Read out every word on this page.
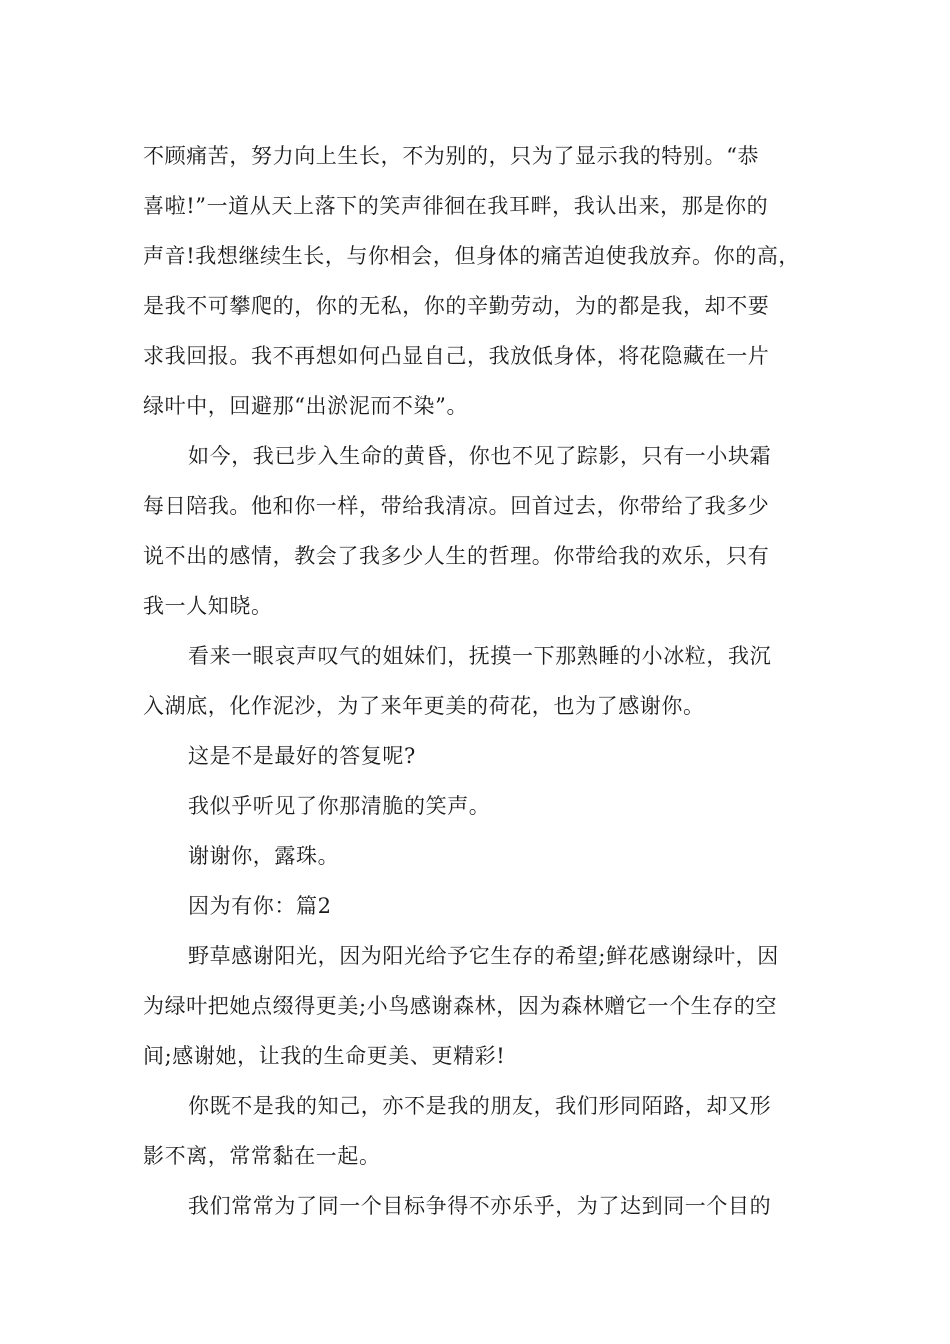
不顾痛苦，努力向上生长，不为别的，只为了显示我的特别。“恭
喜啦!”一道从天上落下的笑声徘徊在我耳畔，我认出来，那是你的
声音!我想继续生长，与你相会，但身体的痛苦迫使我放弃。你的高，
是我不可攀爬的，你的无私，你的辛勤劳动，为的都是我，却不要
求我回报。我不再想如何凸显自己，我放低身体，将花隐藏在一片
绿叶中，回避那“出淤泥而不染”。
如今，我已步入生命的黄昏，你也不见了踪影，只有一小块霜
每日陪我。他和你一样，带给我清凉。回首过去，你带给了我多少
说不出的感情，教会了我多少人生的哲理。你带给我的欢乐，只有
我一人知晓。
看来一眼哀声叹气的姐妹们，抚摸一下那熟睡的小冰粒，我沉
入湖底，化作泥沙，为了来年更美的荷花，也为了感谢你。
这是不是最好的答复呢?
我似乎听见了你那清脆的笑声。
谢谢你，露珠。
因为有你：篇2
野草感谢阳光，因为阳光给予它生存的希望;鲜花感谢绿叶，因
为绿叶把她点缀得更美;小鸟感谢森林，因为森林赠它一个生存的空
间;感谢她，让我的生命更美、更精彩!
你既不是我的知己，亦不是我的朋友，我们形同陌路，却又形
影不离，常常黏在一起。
我们常常为了同一个目标争得不亦乐乎，为了达到同一个目的
